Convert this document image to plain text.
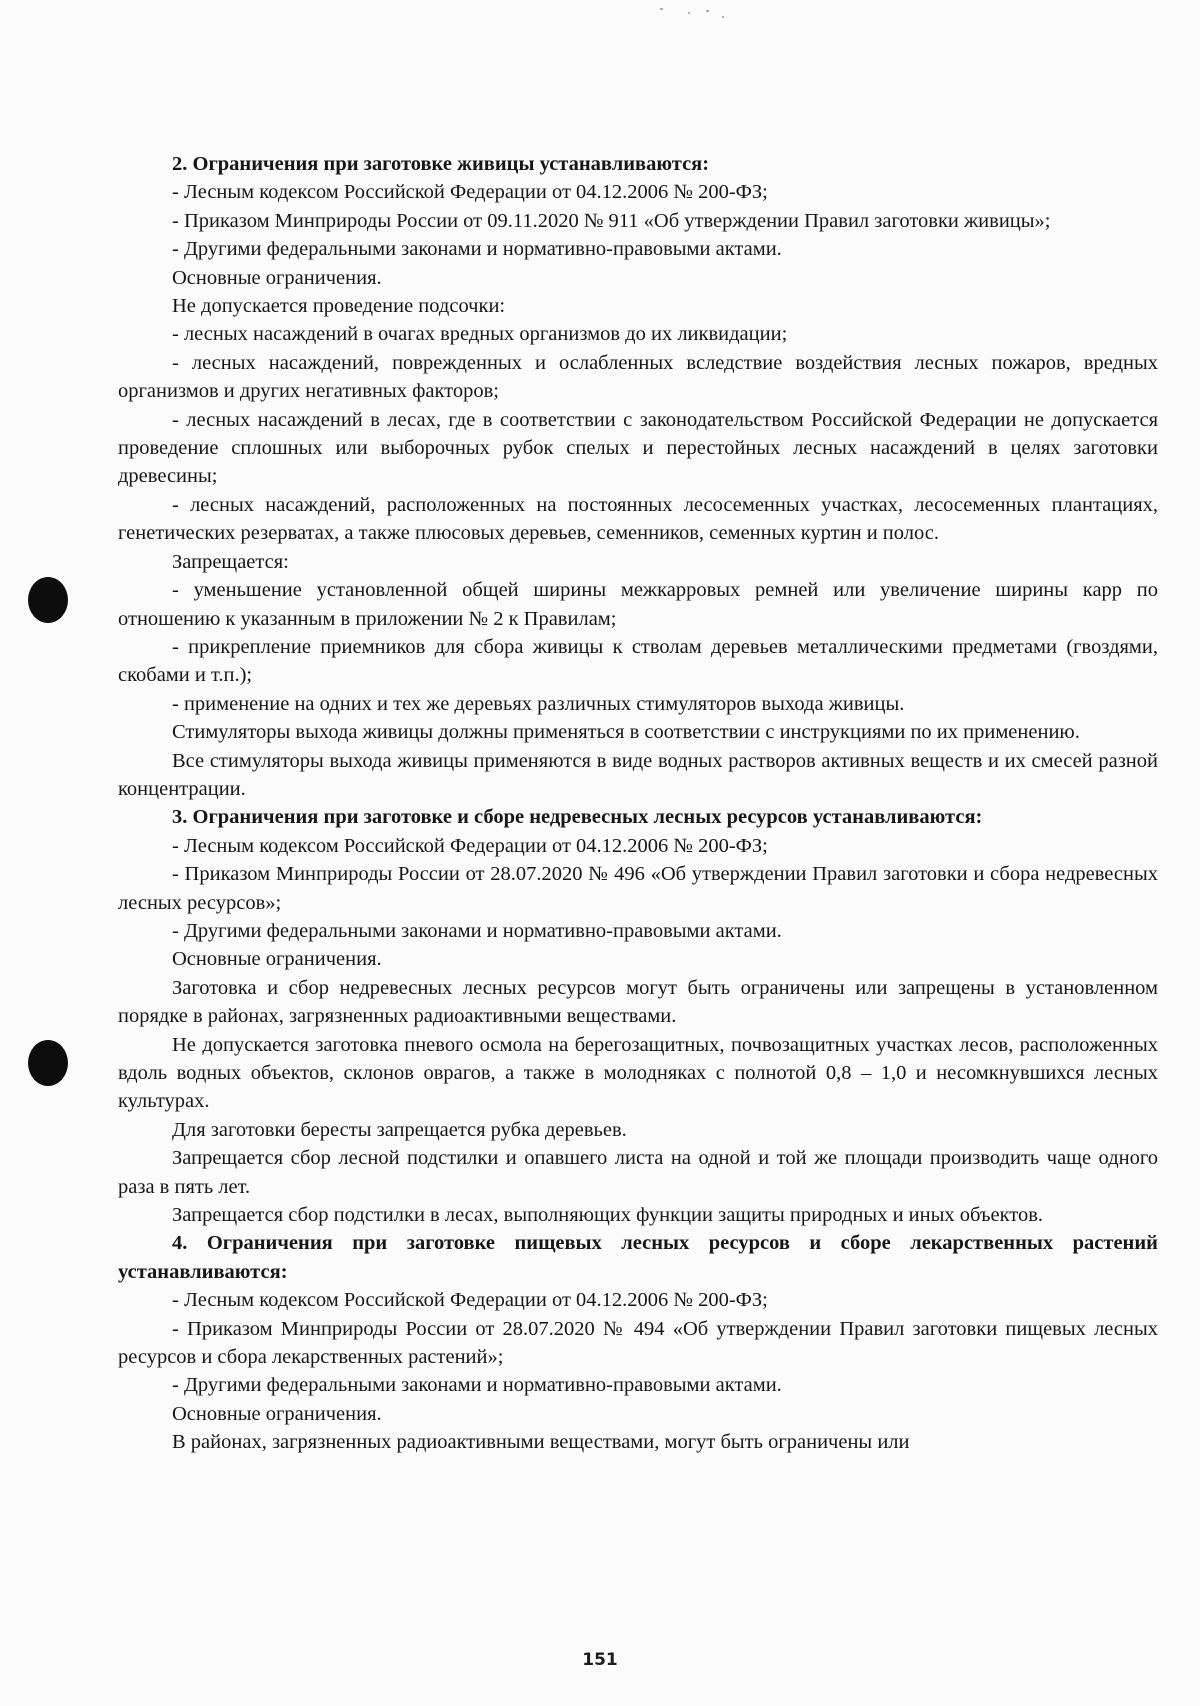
2. Ограничения при заготовке живицы устанавливаются:

- Лесным кодексом Российской Федерации от 04.12.2006 № 200-ФЗ;

- Приказом Минприроды России от 09.11.2020 № 911 «Об утверждении Правил заготовки живицы»;

- Другими федеральными законами и нормативно-правовыми актами.

Основные ограничения.

Не допускается проведение подсочки:

- лесных насаждений в очагах вредных организмов до их ликвидации;

- лесных насаждений, поврежденных и ослабленных вследствие воздействия лесных пожаров, вредных организмов и других негативных факторов;

- лесных насаждений в лесах, где в соответствии с законодательством Российской Федерации не допускается проведение сплошных или выборочных рубок спелых и перестойных лесных насаждений в целях заготовки древесины;

- лесных насаждений, расположенных на постоянных лесосеменных участках, лесосеменных плантациях, генетических резерватах, а также плюсовых деревьев, семенников, семенных куртин и полос.

Запрещается:

- уменьшение установленной общей ширины межкарровых ремней или увеличение ширины карр по отношению к указанным в приложении № 2 к Правилам;

- прикрепление приемников для сбора живицы к стволам деревьев металлическими предметами (гвоздями, скобами и т.п.);

- применение на одних и тех же деревьях различных стимуляторов выхода живицы.

Стимуляторы выхода живицы должны применяться в соответствии с инструкциями по их применению.

Все стимуляторы выхода живицы применяются в виде водных растворов активных веществ и их смесей разной концентрации.

3. Ограничения при заготовке и сборе недревесных лесных ресурсов устанавливаются:

- Лесным кодексом Российской Федерации от 04.12.2006 № 200-ФЗ;

- Приказом Минприроды России от 28.07.2020 № 496 «Об утверждении Правил заготовки и сбора недревесных лесных ресурсов»;

- Другими федеральными законами и нормативно-правовыми актами.

Основные ограничения.

Заготовка и сбор недревесных лесных ресурсов могут быть ограничены или запрещены в установленном порядке в районах, загрязненных радиоактивными веществами.

Не допускается заготовка пневого осмола на берегозащитных, почвозащитных участках лесов, расположенных вдоль водных объектов, склонов оврагов, а также в молодняках с полнотой 0,8 – 1,0 и несомкнувшихся лесных культурах.

Для заготовки бересты запрещается рубка деревьев.

Запрещается сбор лесной подстилки и опавшего листа на одной и той же площади производить чаще одного раза в пять лет.

Запрещается сбор подстилки в лесах, выполняющих функции защиты природных и иных объектов.

4. Ограничения при заготовке пищевых лесных ресурсов и сборе лекарственных растений устанавливаются:

- Лесным кодексом Российской Федерации от 04.12.2006 № 200-ФЗ;

- Приказом Минприроды России от 28.07.2020 № 494 «Об утверждении Правил заготовки пищевых лесных ресурсов и сбора лекарственных растений»;

- Другими федеральными законами и нормативно-правовыми актами.

Основные ограничения.

В районах, загрязненных радиоактивными веществами, могут быть ограничены или

151
